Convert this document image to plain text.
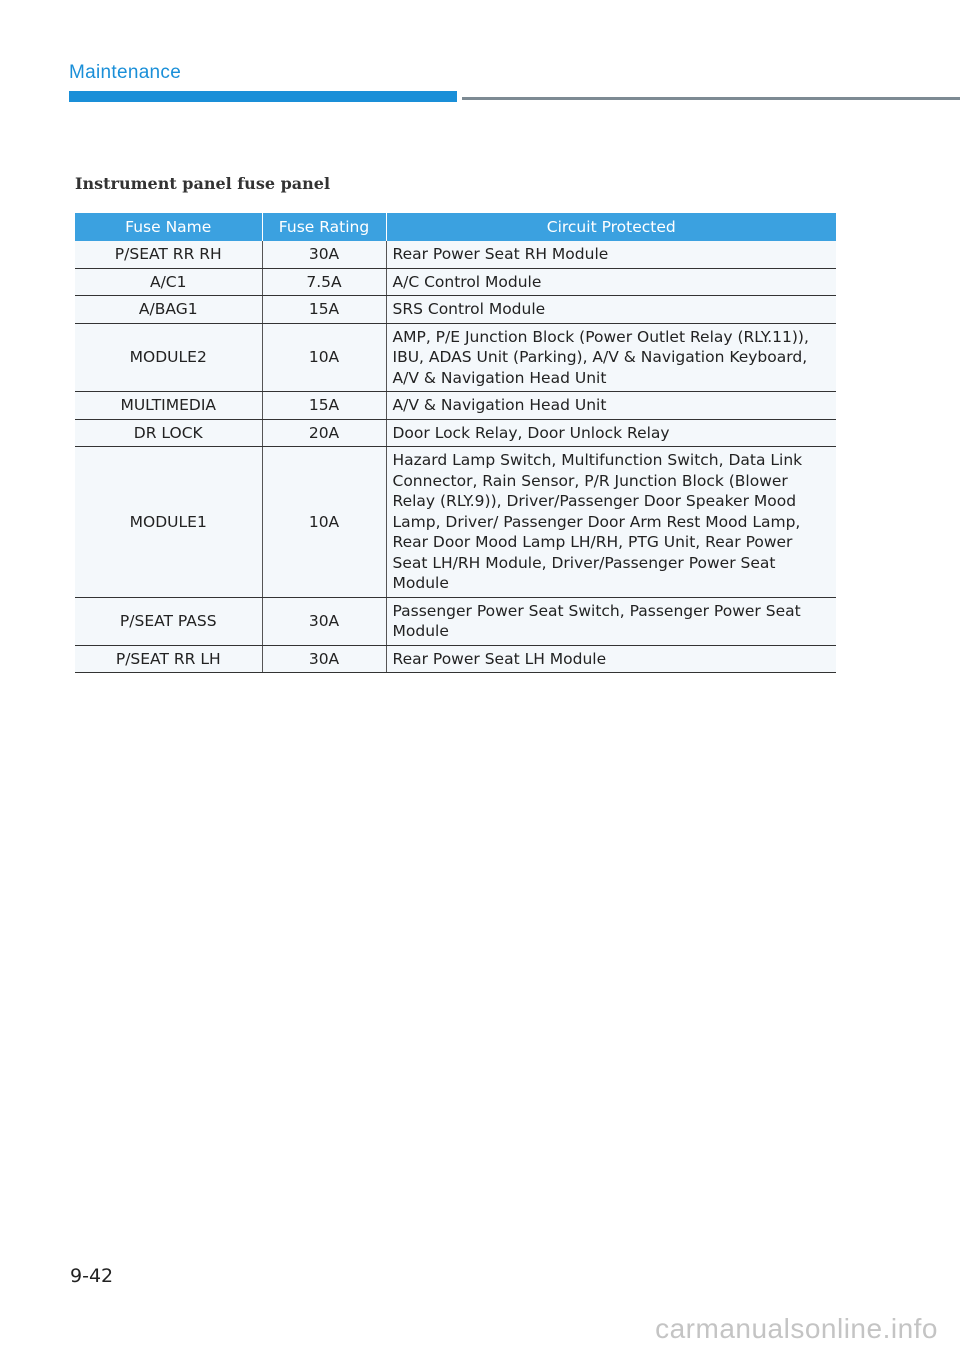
Maintenance
Instrument panel fuse panel
Fuse Name	Fuse Rating	Circuit Protected
P/SEAT RR RH	30A	Rear Power Seat RH Module
A/C1	7.5A	A/C Control Module
A/BAG1	15A	SRS Control Module
MODULE2	10A	AMP, P/E Junction Block (Power Outlet Relay (RLY.11)), IBU, ADAS Unit (Parking), A/V & Navigation Keyboard, A/V & Navigation Head Unit
MULTIMEDIA	15A	A/V & Navigation Head Unit
DR LOCK	20A	Door Lock Relay, Door Unlock Relay
MODULE1	10A	Hazard Lamp Switch, Multifunction Switch, Data Link Connector, Rain Sensor, P/R Junction Block (Blower Relay (RLY.9)), Driver/Passenger Door Speaker Mood Lamp, Driver/ Passenger Door Arm Rest Mood Lamp, Rear Door Mood Lamp LH/RH, PTG Unit, Rear Power Seat LH/RH Module, Driver/Passenger Power Seat Module
P/SEAT PASS	30A	Passenger Power Seat Switch, Passenger Power Seat Module
P/SEAT RR LH	30A	Rear Power Seat LH Module
9-42
carmanualsonline.info
